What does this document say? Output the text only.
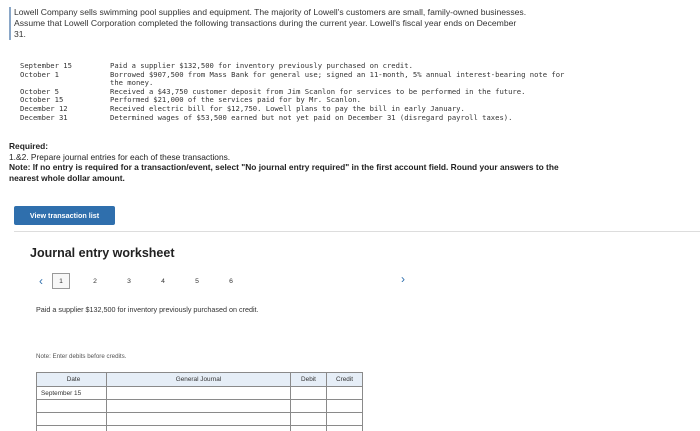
Lowell Company sells swimming pool supplies and equipment. The majority of Lowell's customers are small, family-owned businesses.
Assume that Lowell Corporation completed the following transactions during the current year. Lowell's fiscal year ends on December
31.
September 15	Paid a supplier $132,500 for inventory previously purchased on credit.
October 1	Borrowed $907,500 from Mass Bank for general use; signed an 11-month, 5% annual interest-bearing note for
the money.
October 5	Received a $43,750 customer deposit from Jim Scanlon for services to be performed in the future.
October 15	Performed $21,000 of the services paid for by Mr. Scanlon.
December 12	Received electric bill for $12,750. Lowell plans to pay the bill in early January.
December 31	Determined wages of $53,500 earned but not yet paid on December 31 (disregard payroll taxes).
Required:
1.&2. Prepare journal entries for each of these transactions.
Note: If no entry is required for a transaction/event, select "No journal entry required" in the first account field. Round your answers to the nearest whole dollar amount.
View transaction list
Journal entry worksheet
‹	1	2	3	4	5	6	›
Paid a supplier $132,500 for inventory previously purchased on credit.
Note: Enter debits before credits.
Date	General Journal	Debit	Credit
September 15			
